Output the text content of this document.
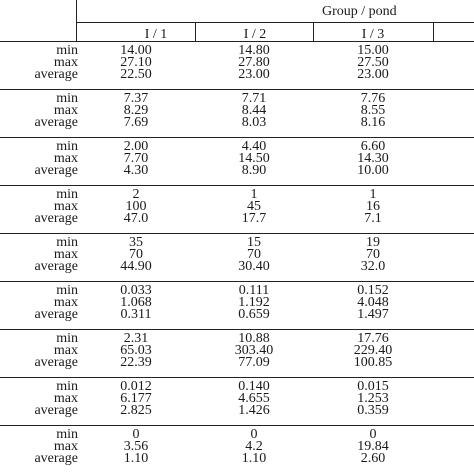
Group / pond
I / 1	I / 2	I / 3
min	14.00	14.80	15.00
max	27.10	27.80	27.50
average	22.50	23.00	23.00
min	7.37	7.71	7.76
max	8.29	8.44	8.55
average	7.69	8.03	8.16
min	2.00	4.40	6.60
max	7.70	14.50	14.30
average	4.30	8.90	10.00
min	2	1	1
max	100	45	16
average	47.0	17.7	7.1
min	35	15	19
max	70	70	70
average	44.90	30.40	32.0
min	0.033	0.111	0.152
max	1.068	1.192	4.048
average	0.311	0.659	1.497
min	2.31	10.88	17.76
max	65.03	303.40	229.40
average	22.39	77.09	100.85
min	0.012	0.140	0.015
max	6.177	4.655	1.253
average	2.825	1.426	0.359
min	0	0	0
max	3.56	4.2	19.84
average	1.10	1.10	2.60
